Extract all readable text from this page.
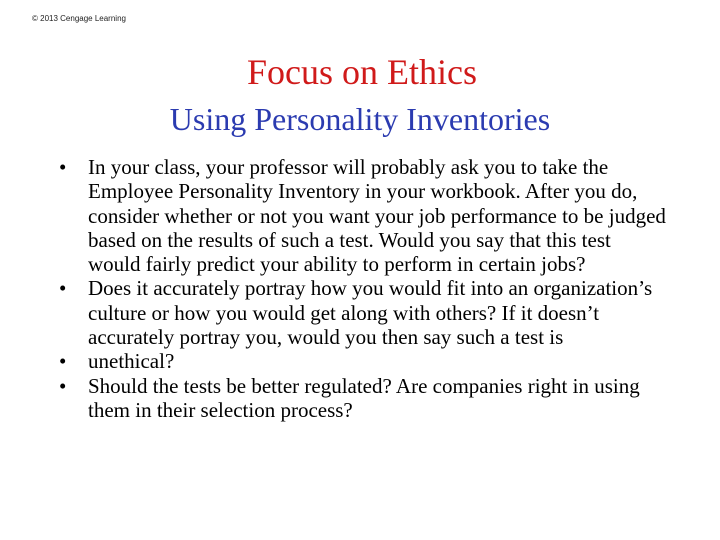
© 2013 Cengage Learning
Focus on Ethics
Using Personality Inventories
• In your class, your professor will probably ask you to take the Employee Personality Inventory in your workbook. After you do, consider whether or not you want your job performance to be judged based on the results of such a test. Would you say that this test would fairly predict your ability to perform in certain jobs?
• Does it accurately portray how you would fit into an organization’s culture or how you would get along with others? If it doesn’t accurately portray you, would you then say such a test is
• unethical?
• Should the tests be better regulated? Are companies right in using them in their selection process?
